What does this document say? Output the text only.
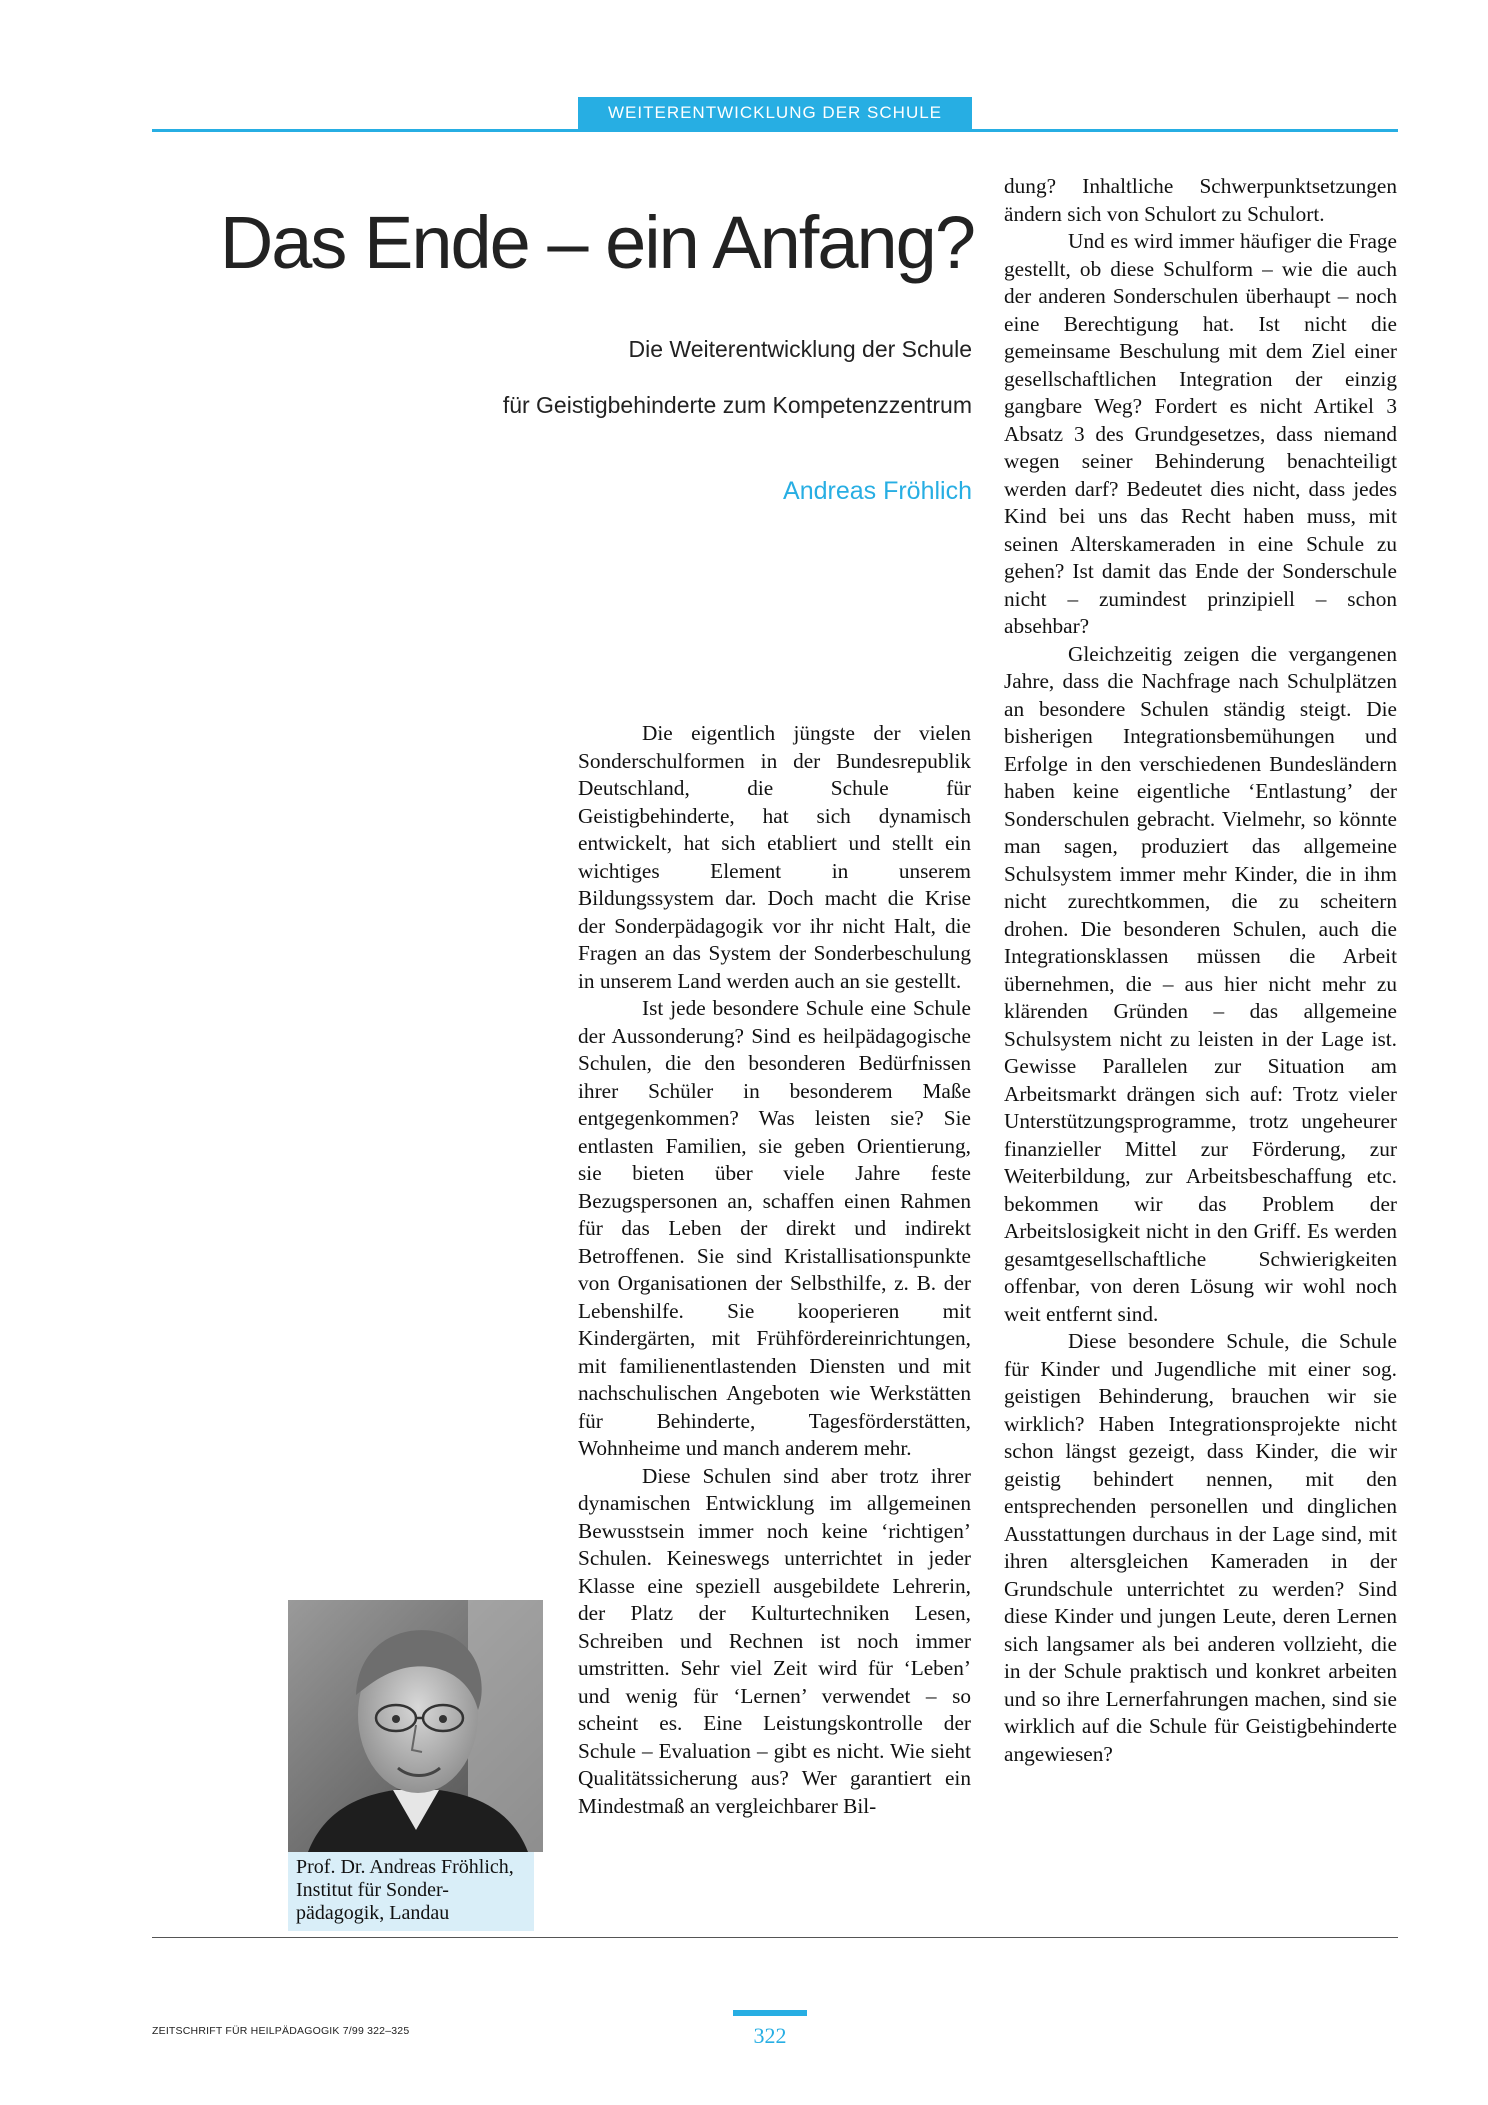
WEITERENTWICKLUNG DER SCHULE
Das Ende – ein Anfang?

Die Weiterentwicklung der Schule

für Geistigbehinderte zum Kompetenzzentrum

Andreas Fröhlich

Die eigentlich jüngste der vielen Sonderschulformen in der Bundesrepublik Deutschland, die Schule für Geistigbehinderte, hat sich dynamisch entwickelt, hat sich etabliert und stellt ein wichtiges Element in unserem Bildungssystem dar. Doch macht die Krise der Sonderpädagogik vor ihr nicht Halt, die Fragen an das System der Sonderbeschulung in unserem Land werden auch an sie gestellt.

Ist jede besondere Schule eine Schule der Aussonderung? Sind es heilpädagogische Schulen, die den besonderen Bedürfnissen ihrer Schüler in besonderem Maße entgegenkommen? Was leisten sie? Sie entlasten Familien, sie geben Orientierung, sie bieten über viele Jahre feste Bezugspersonen an, schaffen einen Rahmen für das Leben der direkt und indirekt Betroffenen. Sie sind Kristallisationspunkte von Organisationen der Selbsthilfe, z. B. der Lebenshilfe. Sie kooperieren mit Kindergärten, mit Frühfördereinrichtungen, mit familienentlastenden Diensten und mit nachschulischen Angeboten wie Werkstätten für Behinderte, Tagesförderstätten, Wohnheime und manch anderem mehr.

Diese Schulen sind aber trotz ihrer dynamischen Entwicklung im allgemeinen Bewusstsein immer noch keine ‘richtigen’ Schulen. Keineswegs unterrichtet in jeder Klasse eine speziell ausgebildete Lehrerin, der Platz der Kulturtechniken Lesen, Schreiben und Rechnen ist noch immer umstritten. Sehr viel Zeit wird für ‘Leben’ und wenig für ‘Lernen’ verwendet – so scheint es. Eine Leistungskontrolle der Schule – Evaluation – gibt es nicht. Wie sieht Qualitätssicherung aus? Wer garantiert ein Mindestmaß an vergleichbarer Bil-

dung? Inhaltliche Schwerpunktsetzungen ändern sich von Schulort zu Schulort.

Und es wird immer häufiger die Frage gestellt, ob diese Schulform – wie die auch der anderen Sonderschulen überhaupt – noch eine Berechtigung hat. Ist nicht die gemeinsame Beschulung mit dem Ziel einer gesellschaftlichen Integration der einzig gangbare Weg? Fordert es nicht Artikel 3 Absatz 3 des Grundgesetzes, dass niemand wegen seiner Behinderung benachteiligt werden darf? Bedeutet dies nicht, dass jedes Kind bei uns das Recht haben muss, mit seinen Alterskameraden in eine Schule zu gehen? Ist damit das Ende der Sonderschule nicht – zumindest prinzipiell – schon absehbar?

Gleichzeitig zeigen die vergangenen Jahre, dass die Nachfrage nach Schulplätzen an besondere Schulen ständig steigt. Die bisherigen Integrationsbemühungen und Erfolge in den verschiedenen Bundesländern haben keine eigentliche ‘Entlastung’ der Sonderschulen gebracht. Vielmehr, so könnte man sagen, produziert das allgemeine Schulsystem immer mehr Kinder, die in ihm nicht zurechtkommen, die zu scheitern drohen. Die besonderen Schulen, auch die Integrationsklassen müssen die Arbeit übernehmen, die – aus hier nicht mehr zu klärenden Gründen – das allgemeine Schulsystem nicht zu leisten in der Lage ist. Gewisse Parallelen zur Situation am Arbeitsmarkt drängen sich auf: Trotz vieler Unterstützungsprogramme, trotz ungeheurer finanzieller Mittel zur Förderung, zur Weiterbildung, zur Arbeitsbeschaffung etc. bekommen wir das Problem der Arbeitslosigkeit nicht in den Griff. Es werden gesamtgesellschaftliche Schwierigkeiten offenbar, von deren Lösung wir wohl noch weit entfernt sind.

Diese besondere Schule, die Schule für Kinder und Jugendliche mit einer sog. geistigen Behinderung, brauchen wir sie wirklich? Haben Integrationsprojekte nicht schon längst gezeigt, dass Kinder, die wir geistig behindert nennen, mit den entsprechenden personellen und dinglichen Ausstattungen durchaus in der Lage sind, mit ihren altersgleichen Kameraden in der Grundschule unterrichtet zu werden? Sind diese Kinder und jungen Leute, deren Lernen sich langsamer als bei anderen vollzieht, die in der Schule praktisch und konkret arbeiten und so ihre Lernerfahrungen machen, sind sie wirklich auf die Schule für Geistigbehinderte angewiesen?

Prof. Dr. Andreas Fröhlich,
Institut für Sonder-
pädagogik, Landau
ZEITSCHRIFT FÜR HEILPÄDAGOGIK 7/99 322–325	322
